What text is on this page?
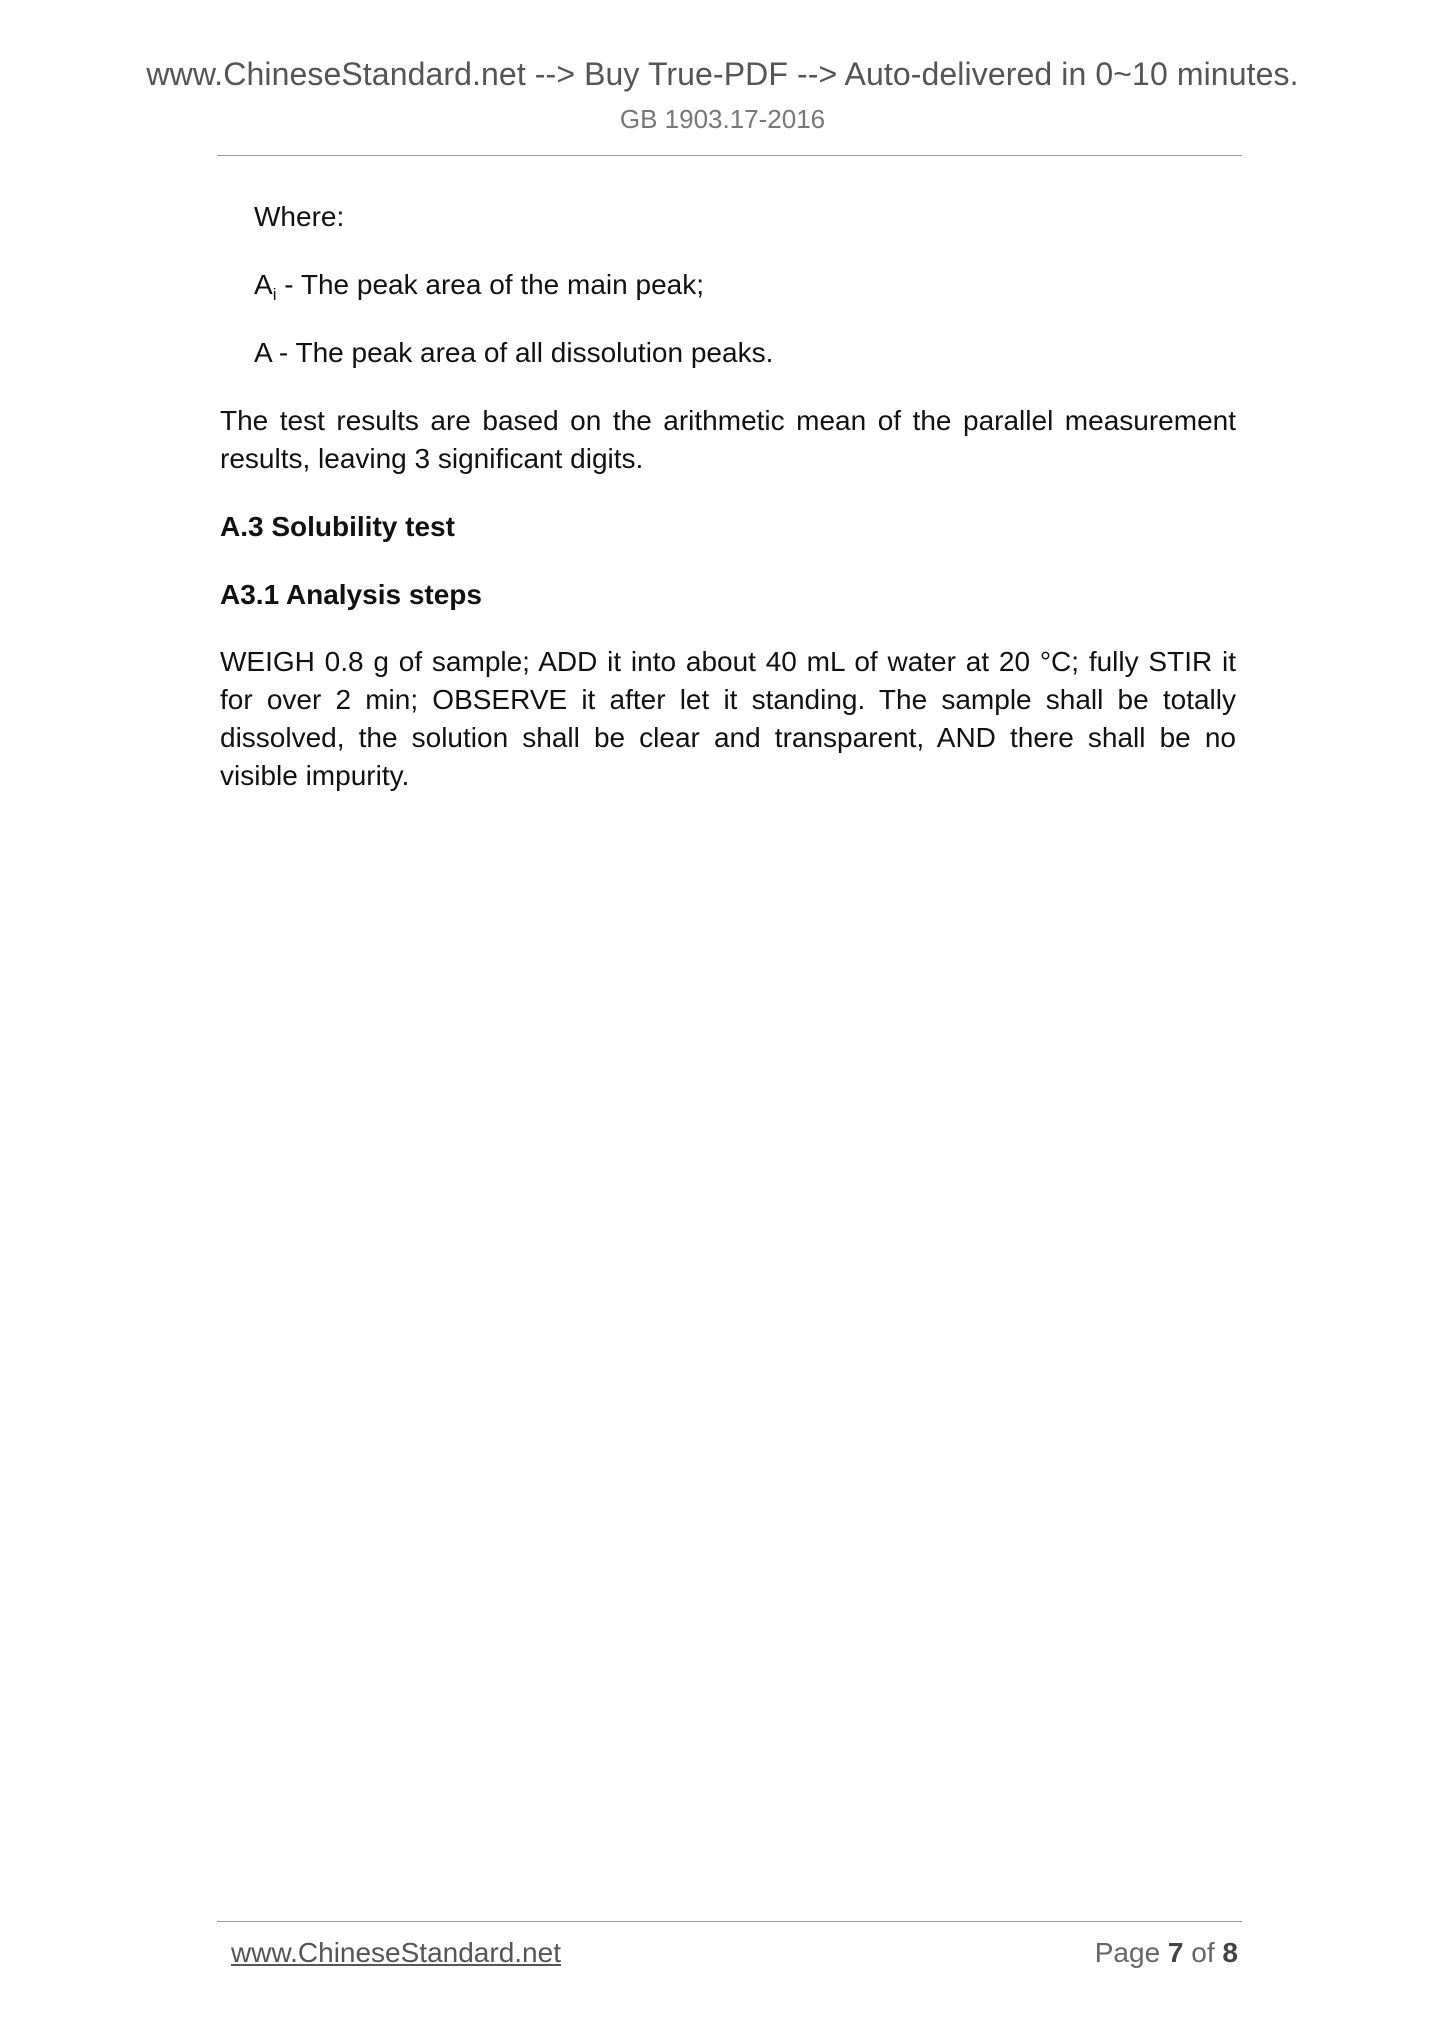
www.ChineseStandard.net --> Buy True-PDF --> Auto-delivered in 0~10 minutes.
GB 1903.17-2016

Where:

$A_i$ - The peak area of the main peak;

A - The peak area of all dissolution peaks.

The test results are based on the arithmetic mean of the parallel measurement results, leaving 3 significant digits.

A.3 Solubility test

A3.1 Analysis steps

WEIGH 0.8 g of sample; ADD it into about 40 mL of water at 20 °C; fully STIR it for over 2 min; OBSERVE it after let it standing. The sample shall be totally dissolved, the solution shall be clear and transparent, AND there shall be no visible impurity.

www.ChineseStandard.net	Page 7 of 8
